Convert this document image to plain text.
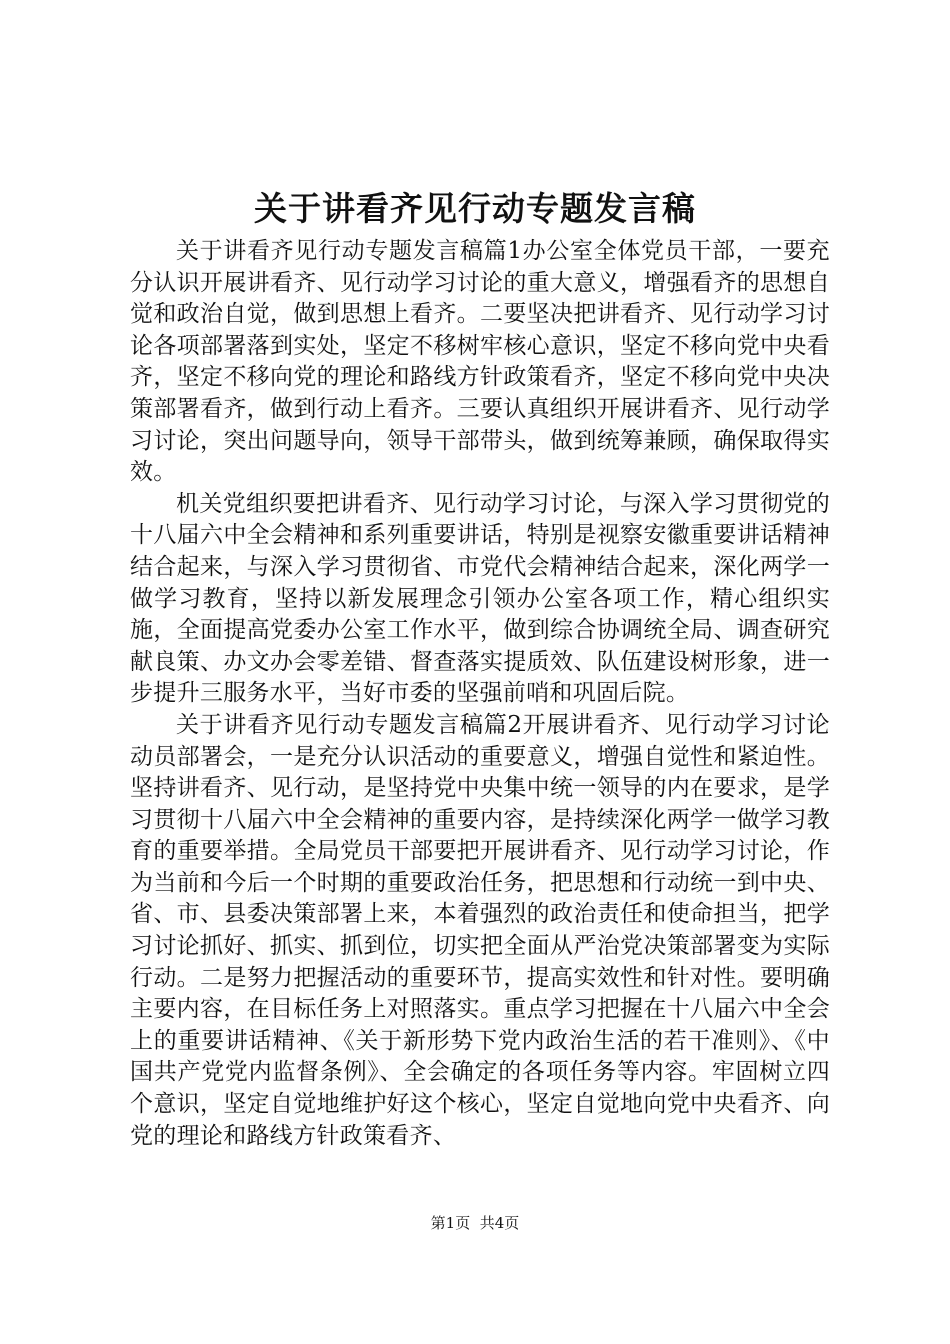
关于讲看齐见行动专题发言稿

关于讲看齐见行动专题发言稿篇1办公室全体党员干部，一要充分认识开展讲看齐、见行动学习讨论的重大意义，增强看齐的思想自觉和政治自觉，做到思想上看齐。二要坚决把讲看齐、见行动学习讨论各项部署落到实处，坚定不移树牢核心意识，坚定不移向党中央看齐，坚定不移向党的理论和路线方针政策看齐，坚定不移向党中央决策部署看齐，做到行动上看齐。三要认真组织开展讲看齐、见行动学习讨论，突出问题导向，领导干部带头，做到统筹兼顾，确保取得实效。

机关党组织要把讲看齐、见行动学习讨论，与深入学习贯彻党的十八届六中全会精神和系列重要讲话，特别是视察安徽重要讲话精神结合起来，与深入学习贯彻省、市党代会精神结合起来，深化两学一做学习教育，坚持以新发展理念引领办公室各项工作，精心组织实施，全面提高党委办公室工作水平，做到综合协调统全局、调查研究献良策、办文办会零差错、督查落实提质效、队伍建设树形象，进一步提升三服务水平，当好市委的坚强前哨和巩固后院。

关于讲看齐见行动专题发言稿篇2开展讲看齐、见行动学习讨论动员部署会，一是充分认识活动的重要意义，增强自觉性和紧迫性。坚持讲看齐、见行动，是坚持党中央集中统一领导的内在要求，是学习贯彻十八届六中全会精神的重要内容，是持续深化两学一做学习教育的重要举措。全局党员干部要把开展讲看齐、见行动学习讨论，作为当前和今后一个时期的重要政治任务，把思想和行动统一到中央、省、市、县委决策部署上来，本着强烈的政治责任和使命担当，把学习讨论抓好、抓实、抓到位，切实把全面从严治党决策部署变为实际行动。二是努力把握活动的重要环节，提高实效性和针对性。要明确主要内容，在目标任务上对照落实。重点学习把握在十八届六中全会上的重要讲话精神、《关于新形势下党内政治生活的若干准则》、《中国共产党党内监督条例》、全会确定的各项任务等内容。牢固树立四个意识，坚定自觉地维护好这个核心，坚定自觉地向党中央看齐、向党的理论和路线方针政策看齐、

第1页 共4页
